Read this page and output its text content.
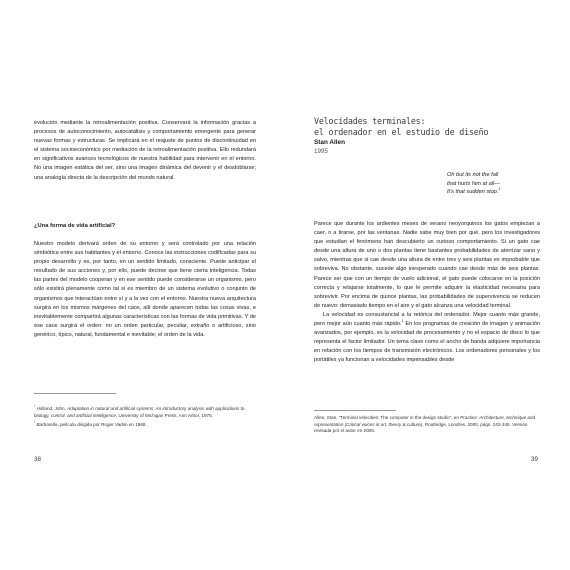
evolución mediante la retroalimentación positiva. Conservará la información gracias a procesos de autoconocimiento, autocatálisis y comportamiento emergente para generar nuevas formas y estructuras. Se implicará en el reajuste de puntos de discontinuidad en el sistema socioeconómico por mediación de la retroalimentación positiva. Ello redundará en significativos avances tecnológicos de nuestra habilidad para intervenir en el entorno. No una imagen estática del ser, sino una imagen dinámica del devenir y el desdoblarse; una analogía directa de la descripción del mundo natural.

¿Una forma de vida artificial?

Nuestro modelo derivará orden de su entorno y será controlado por una relación simbiótica entre sus habitantes y el entorno. Conoce las instrucciones codificadas para su propio desarrollo y es, por tanto, en un sentido limitado, consciente. Puede anticipar el resultado de sus acciones y, por ello, puede decirse que tiene cierta inteligencia. Todas las partes del modelo cooperan y en ese sentido puede considerarse un organismo, pero sólo existirá plenamente como tal si es miembro de un sistema evolutivo o conjunto de organismos que interactúan entre sí y a la vez con el entorno. Nuestra nueva arquitectura surgirá en los mismos márgenes del caos, allí donde aparecen todas las cosas vivas, e inevitablemente compartirá algunas características con las formas de vida primitivas. Y de ese caos surgirá el orden: no un orden particular, peculiar, extraño o artificioso, sino genérico, típico, natural, fundamental e inevitable; el orden de la vida.

$^{^1}$ Holland, John, Adaptation in natural and artificial systems: An introductory analysis with applications to biology, control, and artificial intelligence, University of Michigan Press, Ann Arbor, 1975.

$^{^2}$ Barbarella, película dirigida por Roger Vadim en 1968.

38

Velocidades terminales:

el ordenador en el estudio de diseño

Stan Allen

1995

Oh but its not the fall

that hurts him at all—

It's that sudden stop.$^1$

Parece que durante los ardientes meses de verano neoyorquinos los gatos empiezan a caer, o a tirarse, por las ventanas. Nadie sabe muy bien por qué, pero los investigadores que estudian el fenómeno han descubierto un curioso comportamiento. Si un gato cae desde una altura de uno o dos plantas tiene bastantes probabilidades de aterrizar sano y salvo, mientras que si cae desde una altura de entre tres y seis plantas es improbable que sobreviva. No obstante, sucede algo inesperado cuando cae desde más de seis plantas. Parece ser que con un tiempo de vuelo adicional, el gato puede colocarse en la posición correcta y relajarse totalmente, lo que le permite adquirir la elasticidad necesaria para sobrevivir. Por encima de quince plantas, las probabilidades de supervivencia se reducen de nuevo: demasiado tiempo en el aire y el gato alcanza una velocidad terminal.

La velocidad es consustancial a la retórica del ordenador. Mejor cuanto más grande, pero mejor aún cuanto más rápido.$^1$ En los programas de creación de imagen y animación avanzados, por ejemplo, es la velocidad de procesamiento y no el espacio de disco lo que representa el factor limitador. Un tema clave como el ancho de banda adquiere importancia en relación con los tiempos de transmisión electrónicos. Los ordenadores personales y los portátiles ya funcionan a velocidades impensables desde

Allen, Stan, "Terminal velocities: The computer in the design studio", en Practice: Architecture, technique and representation (Critical voices in art, theory & culture), Routledge, Londres, 2000, págs. 242-245. Versión revisada por el autor en 2008.

39
